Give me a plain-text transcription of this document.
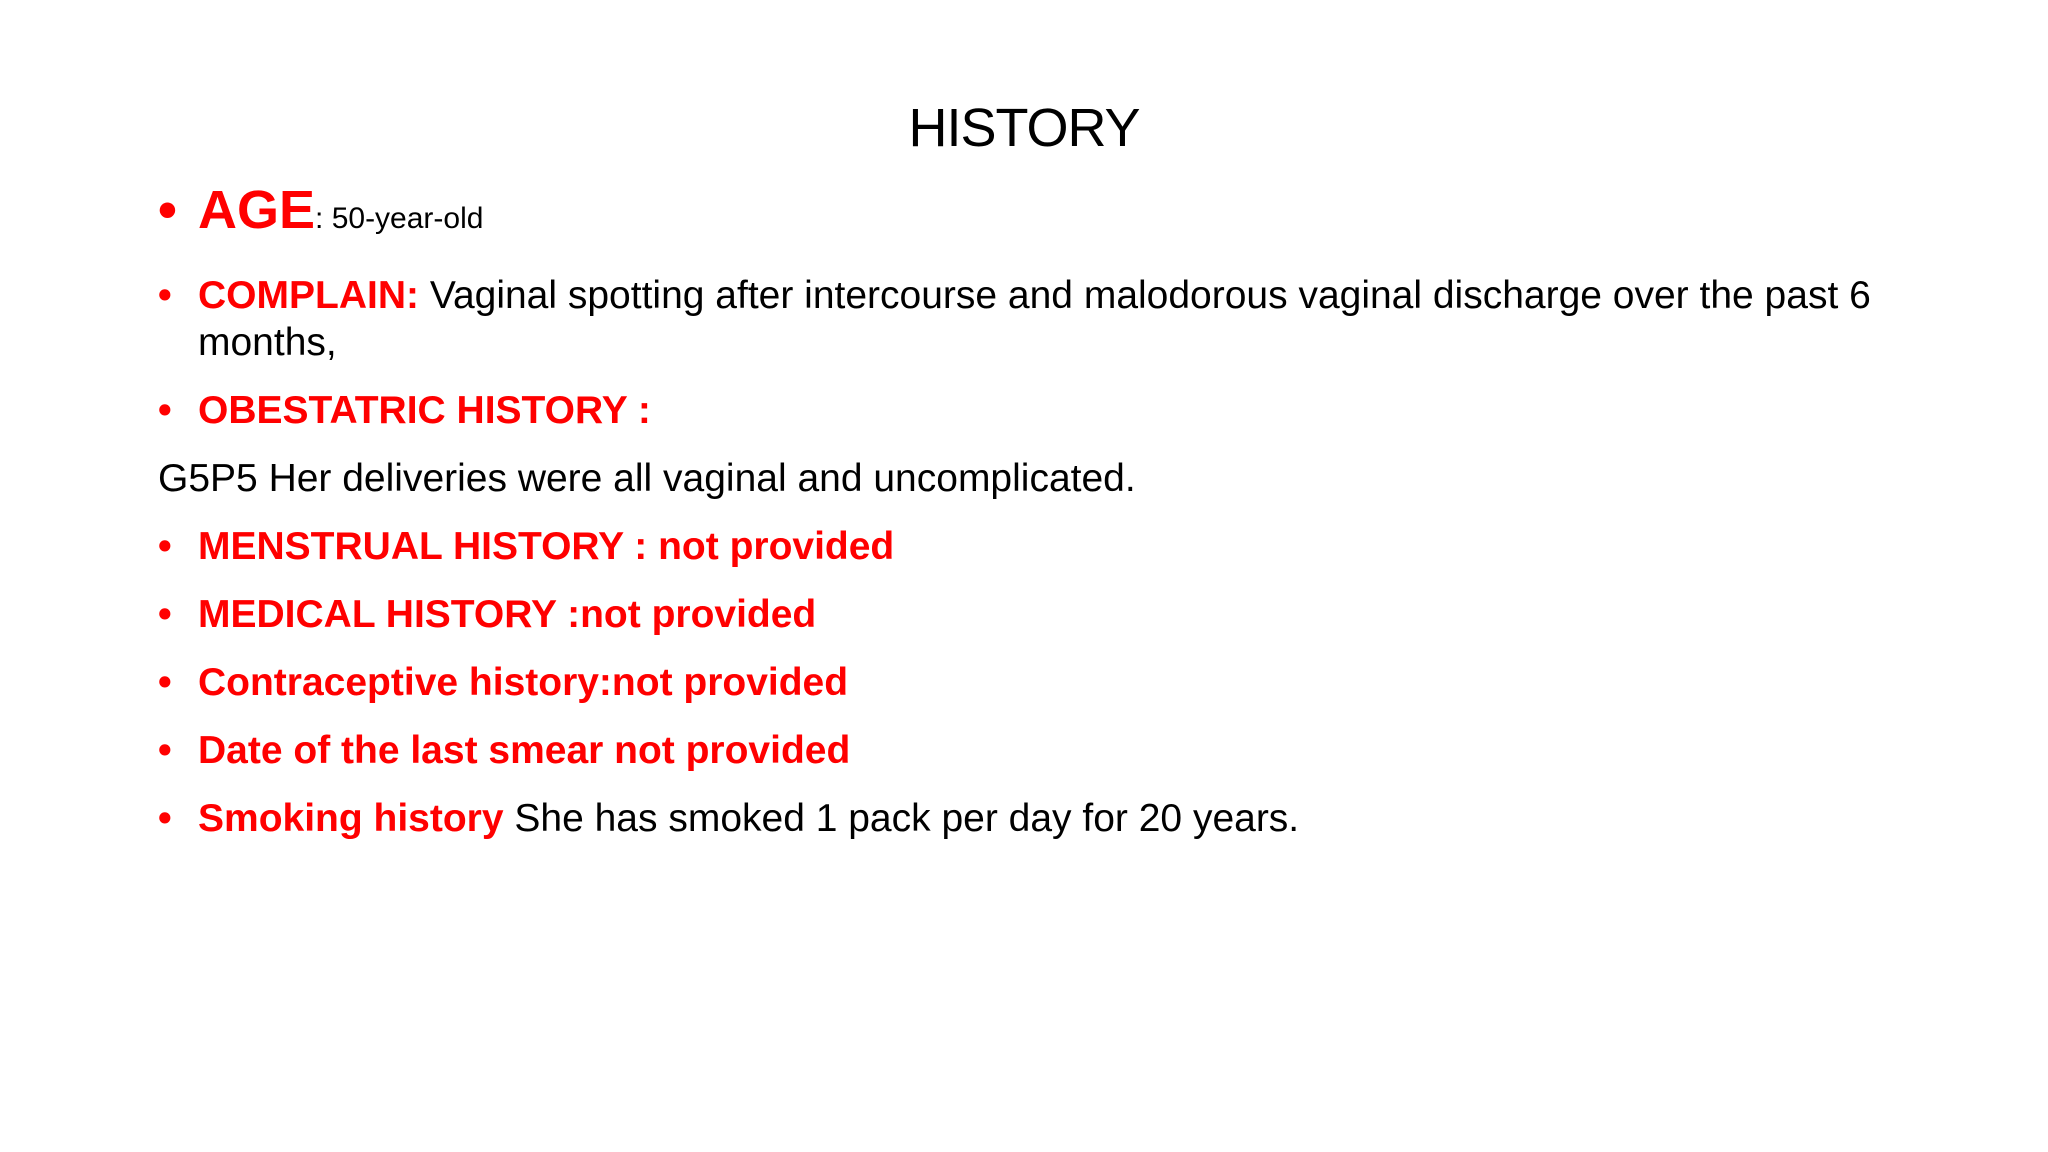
HISTORY
• AGE: 50-year-old
• COMPLAIN: Vaginal spotting after intercourse and malodorous vaginal discharge over the past 6 months,
• OBESTATRIC HISTORY :
G5P5 Her deliveries were all vaginal and uncomplicated.
• MENSTRUAL HISTORY : not provided
• MEDICAL HISTORY :not provided
• Contraceptive history:not provided
• Date of the last smear not provided
• Smoking history She has smoked 1 pack per day for 20 years.
